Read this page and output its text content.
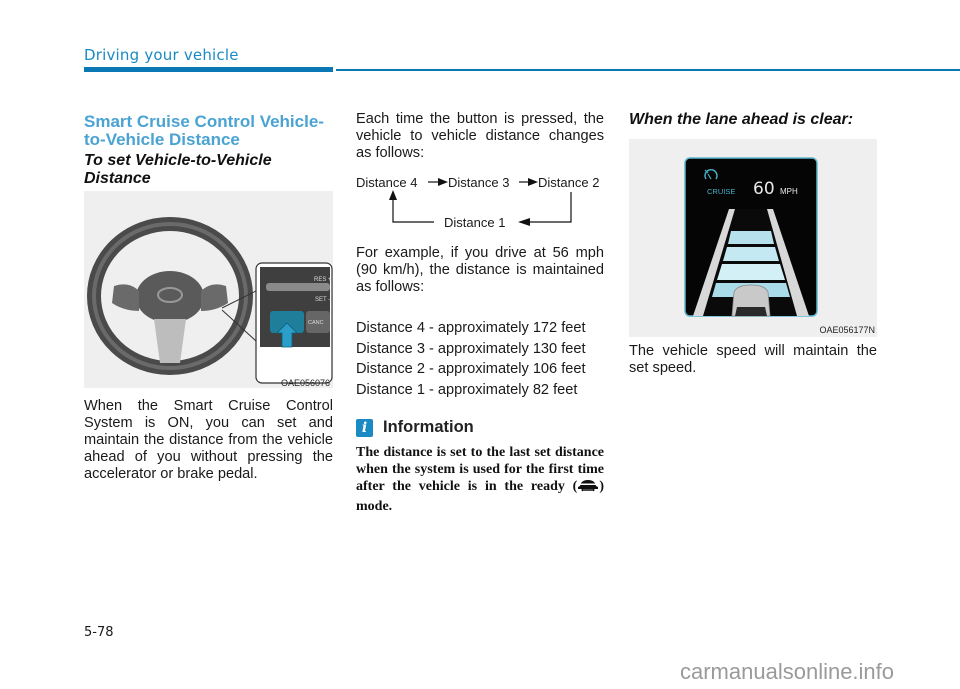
Driving your vehicle
Smart Cruise Control Vehicle-to-Vehicle Distance
To set Vehicle-to-Vehicle Distance
RES +
SET -
CANC
OAE056076
When the Smart Cruise Control System is ON, you can set and maintain the distance from the vehicle ahead of you without pressing the accelerator or brake pedal.
Each time the button is pressed, the vehicle to vehicle distance changes as follows:
Distance 4 Distance 3 Distance 2
Distance 1
For example, if you drive at 56 mph (90 km/h), the distance is maintained as follows:
Distance 4 - approximately 172 feet
Distance 3 - approximately 130 feet
Distance 2 - approximately 106 feet
Distance 1 - approximately 82 feet
i Information
The distance is set to the last set distance when the system is used for the first time after the vehicle is in the ready ( ) mode.
When the lane ahead is clear:
CRUISE 60 MPH
OAE056177N
The vehicle speed will maintain the set speed.
5-78
carmanualsonline.info
